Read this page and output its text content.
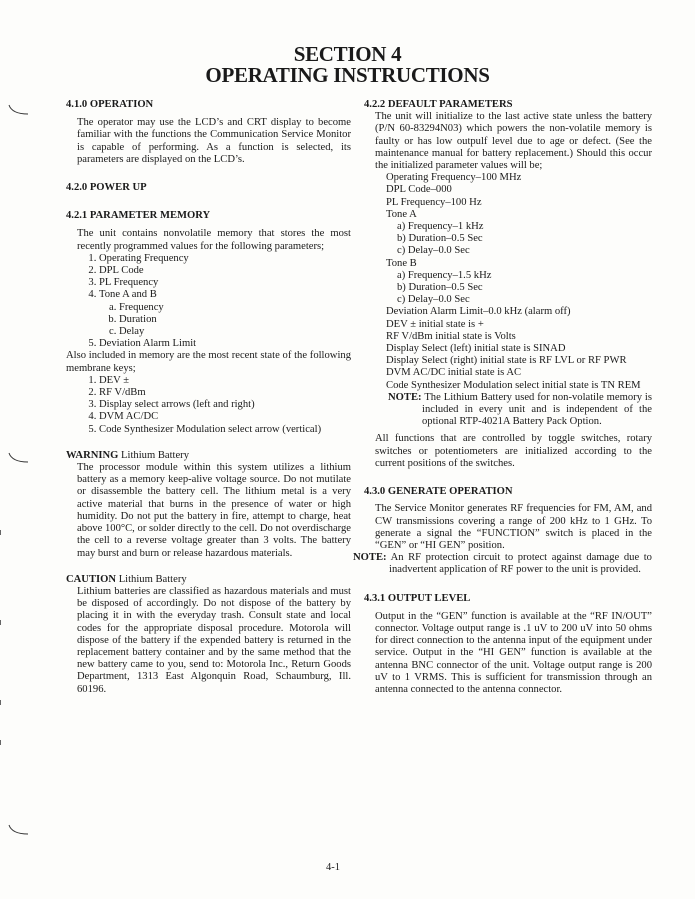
SECTION 4
OPERATING INSTRUCTIONS
4.1.0 OPERATION

The operator may use the LCD’s and CRT display to become familiar with the functions the Communication Service Monitor is capable of performing. As a function is selected, its parameters are displayed on the LCD’s.

4.2.0 POWER UP
4.2.1 PARAMETER MEMORY

The unit contains nonvolatile memory that stores the most recently programmed values for the following parameters;

1. Operating Frequency
2. DPL Code
3. PL Frequency
4. Tone A and B
a. Frequency
b. Duration
c. Delay
5. Deviation Alarm Limit

Also included in memory are the most recent state of the following membrane keys;

1. DEV ±
2. RF V/dBm
3. Display select arrows (left and right)
4. DVM AC/DC
5. Code Synthesizer Modulation select arrow (vertical)
WARNING Lithium Battery

The processor module within this system utilizes a lithium battery as a memory keep-alive voltage source. Do not mutilate or disassemble the battery cell. The lithium metal is a very active material that burns in the presence of water or high humidity. Do not put the battery in fire, attempt to charge, heat above 100°C, or solder directly to the cell. Do not overdischarge the cell to a reverse voltage greater than 3 volts. The battery may burst and burn or release hazardous materials.

CAUTION Lithium Battery

Lithium batteries are classified as hazardous materials and must be disposed of accordingly. Do not dispose of the battery by placing it in with the everyday trash. Consult state and local codes for the appropriate disposal procedure. Motorola will dispose of the battery if the expended battery is returned in the replacement battery container and by the same method that the new battery came to you, send to: Motorola Inc., Return Goods Department, 1313 East Algonquin Road, Schaumburg, Ill. 60196.

4.2.2 DEFAULT PARAMETERS

The unit will initialize to the last active state unless the battery (P/N 60-83294N03) which powers the non-volatile memory is faulty or has low outpulf level due to age or defect. (See the maintenance manual for battery replacement.) Should this occur the initialized parameter values will be;

Operating Frequency–100 MHz
DPL Code–000
PL Frequency–100 Hz
Tone A
a) Frequency–1 kHz
b) Duration–0.5 Sec
c) Delay–0.0 Sec
Tone B
a) Frequency–1.5 kHz
b) Duration–0.5 Sec
c) Delay–0.0 Sec
Deviation Alarm Limit–0.0 kHz (alarm off)
DEV ± initial state is +
RF V/dBm initial state is Volts
Display Select (left) initial state is SINAD
Display Select (right) initial state is RF LVL or RF PWR
DVM AC/DC initial state is AC
Code Synthesizer Modulation select initial state is TN REM
NOTE: The Lithium Battery used for non-volatile memory is included in every unit and is independent of the optional RTP-4021A Battery Pack Option.

All functions that are controlled by toggle switches, rotary switches or potentiometers are initialized according to the current positions of the switches.

4.3.0 GENERATE OPERATION

The Service Monitor generates RF frequencies for FM, AM, and CW transmissions covering a range of 200 kHz to 1 GHz. To generate a signal the “FUNCTION” switch is placed in the “GEN” or “HI GEN” position.

NOTE: An RF protection circuit to protect against damage due to inadvertent application of RF power to the unit is provided.
4.3.1 OUTPUT LEVEL

Output in the “GEN” function is available at the “RF IN/OUT” connector. Voltage output range is .1 uV to 200 uV into 50 ohms for direct connection to the antenna input of the equipment under service. Output in the “HI GEN” function is available at the antenna BNC connector of the unit. Voltage output range is 200 uV to 1 VRMS. This is sufficient for transmission through an antenna connected to the antenna connector.

4-1
